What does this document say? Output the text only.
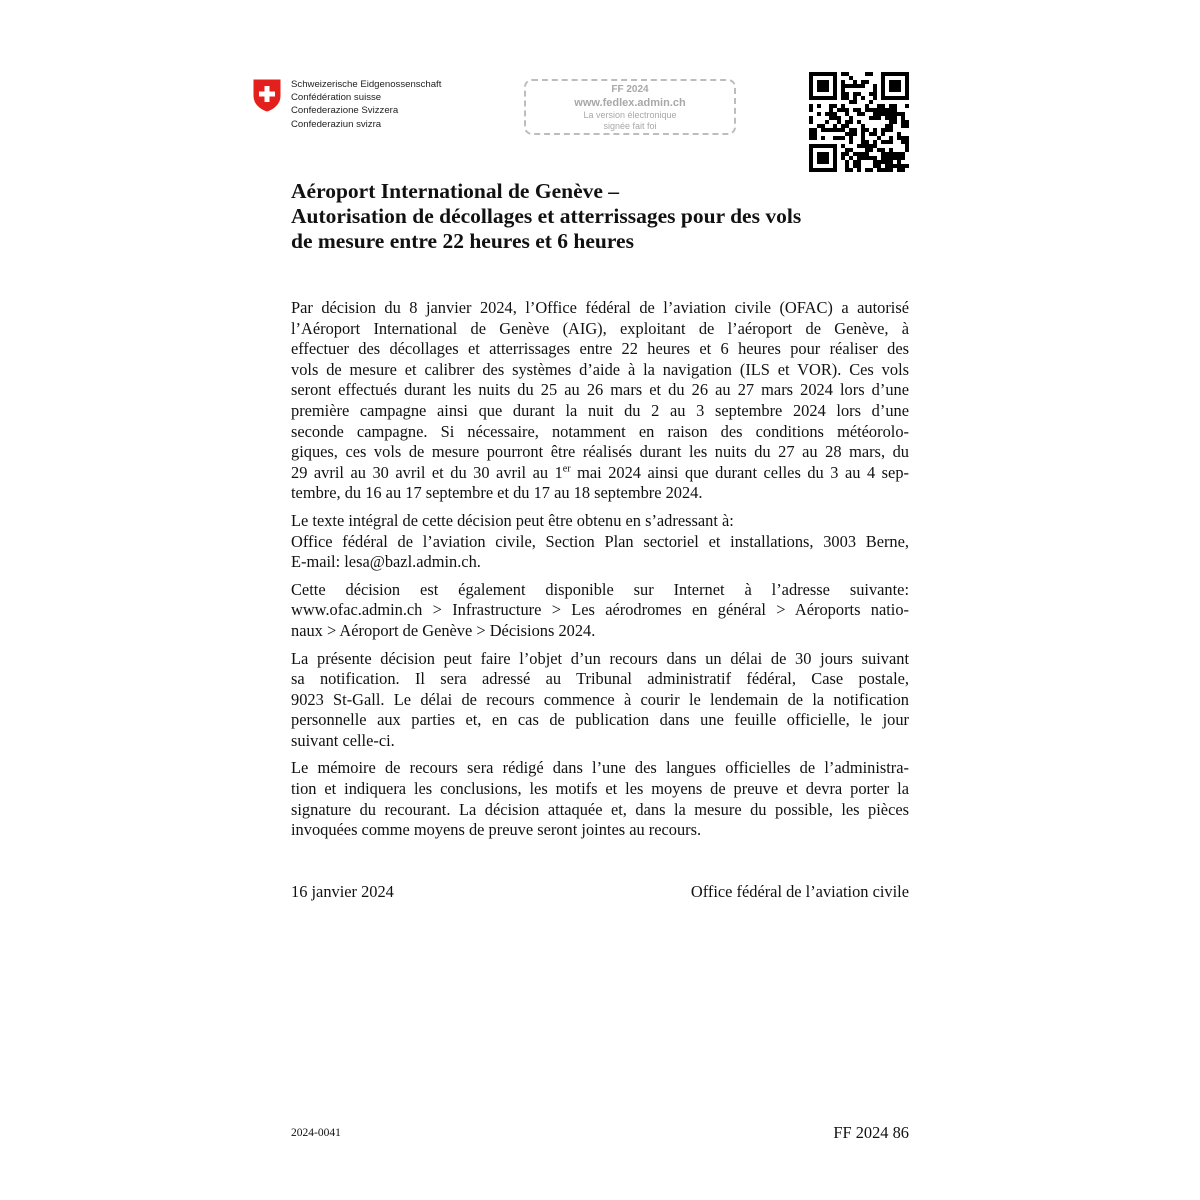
Schweizerische Eidgenossenschaft
Confédération suisse
Confederazione Svizzera
Confederaziun svizra
FF 2024
www.fedlex.admin.ch
La version électronique
signée fait foi
Aéroport International de Genève –
Autorisation de décollages et atterrissages pour des vols
de mesure entre 22 heures et 6 heures

Par décision du 8 janvier 2024, l’Office fédéral de l’aviation civile (OFAC) a autorisé
l’Aéroport International de Genève (AIG), exploitant de l’aéroport de Genève, à
effectuer des décollages et atterrissages entre 22 heures et 6 heures pour réaliser des
vols de mesure et calibrer des systèmes d’aide à la navigation (ILS et VOR). Ces vols
seront effectués durant les nuits du 25 au 26 mars et du 26 au 27 mars 2024 lors d’une
première campagne ainsi que durant la nuit du 2 au 3 septembre 2024 lors d’une
seconde campagne. Si nécessaire, notamment en raison des conditions météorolo-
giques, ces vols de mesure pourront être réalisés durant les nuits du 27 au 28 mars, du
29 avril au 30 avril et du 30 avril au 1er mai 2024 ainsi que durant celles du 3 au 4 sep-
tembre, du 16 au 17 septembre et du 17 au 18 septembre 2024.

Le texte intégral de cette décision peut être obtenu en s’adressant à:
Office fédéral de l’aviation civile, Section Plan sectoriel et installations, 3003 Berne,
E-mail: lesa@bazl.admin.ch.

Cette décision est également disponible sur Internet à l’adresse suivante:
www.ofac.admin.ch > Infrastructure > Les aérodromes en général > Aéroports natio-
naux > Aéroport de Genève > Décisions 2024.

La présente décision peut faire l’objet d’un recours dans un délai de 30 jours suivant
sa notification. Il sera adressé au Tribunal administratif fédéral, Case postale,
9023 St-Gall. Le délai de recours commence à courir le lendemain de la notification
personnelle aux parties et, en cas de publication dans une feuille officielle, le jour
suivant celle-ci.

Le mémoire de recours sera rédigé dans l’une des langues officielles de l’administra-
tion et indiquera les conclusions, les motifs et les moyens de preuve et devra porter la
signature du recourant. La décision attaquée et, dans la mesure du possible, les pièces
invoquées comme moyens de preuve seront jointes au recours.

16 janvier 2024	Office fédéral de l’aviation civile
2024-0041	FF 2024 86
